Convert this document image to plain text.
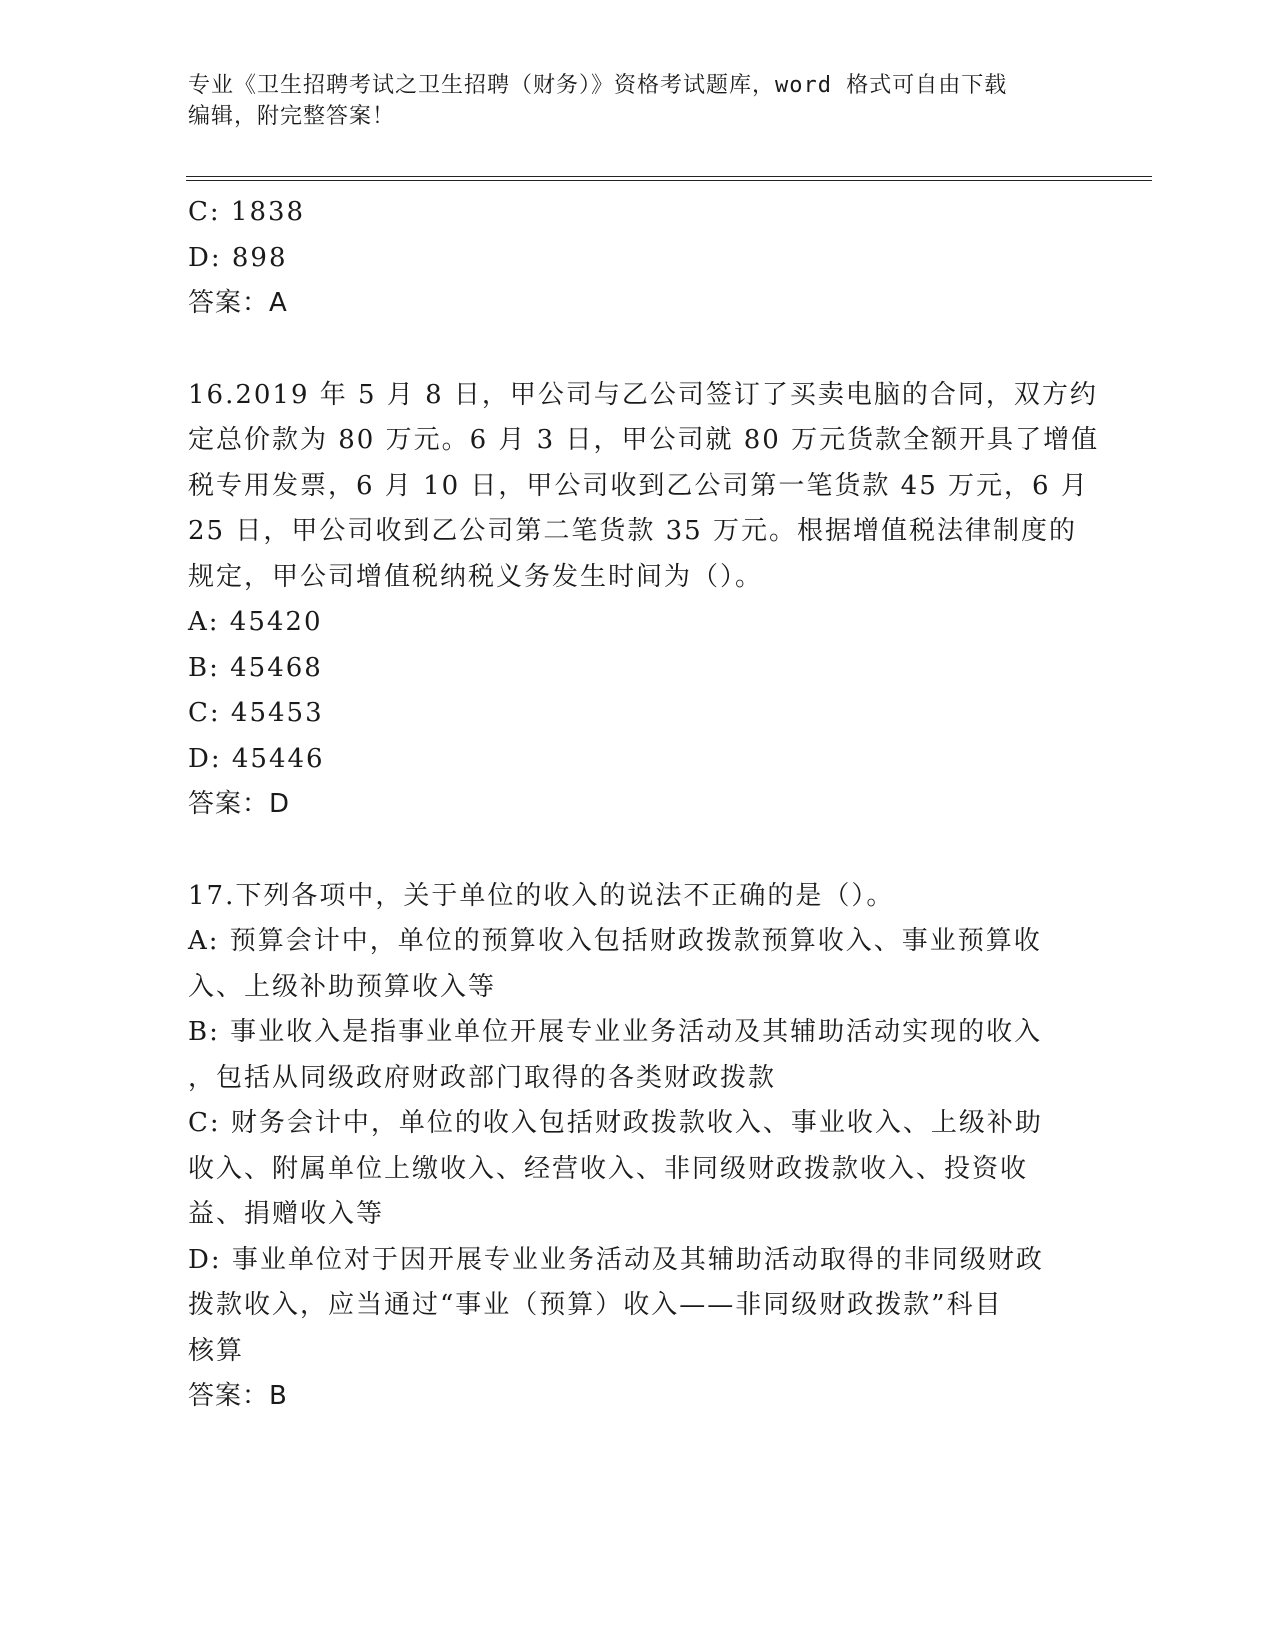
专业《卫生招聘考试之卫生招聘（财务）》资格考试题库，word 格式可自由下载
编辑，附完整答案！
C: 1838
D: 898
答案：A
16.2019 年 5 月 8 日，甲公司与乙公司签订了买卖电脑的合同，双方约
定总价款为 80 万元。6 月 3 日，甲公司就 80 万元货款全额开具了增值
税专用发票，6 月 10 日，甲公司收到乙公司第一笔货款 45 万元，6 月
25 日，甲公司收到乙公司第二笔货款 35 万元。根据增值税法律制度的
规定，甲公司增值税纳税义务发生时间为（）。
A: 45420
B: 45468
C: 45453
D: 45446
答案：D
17.下列各项中，关于单位的收入的说法不正确的是（）。
A: 预算会计中，单位的预算收入包括财政拨款预算收入、事业预算收
入、上级补助预算收入等
B: 事业收入是指事业单位开展专业业务活动及其辅助活动实现的收入
，包括从同级政府财政部门取得的各类财政拨款
C: 财务会计中，单位的收入包括财政拨款收入、事业收入、上级补助
收入、附属单位上缴收入、经营收入、非同级财政拨款收入、投资收
益、捐赠收入等
D: 事业单位对于因开展专业业务活动及其辅助活动取得的非同级财政
拨款收入，应当通过“事业（预算）收入——非同级财政拨款”科目
核算
答案：B
